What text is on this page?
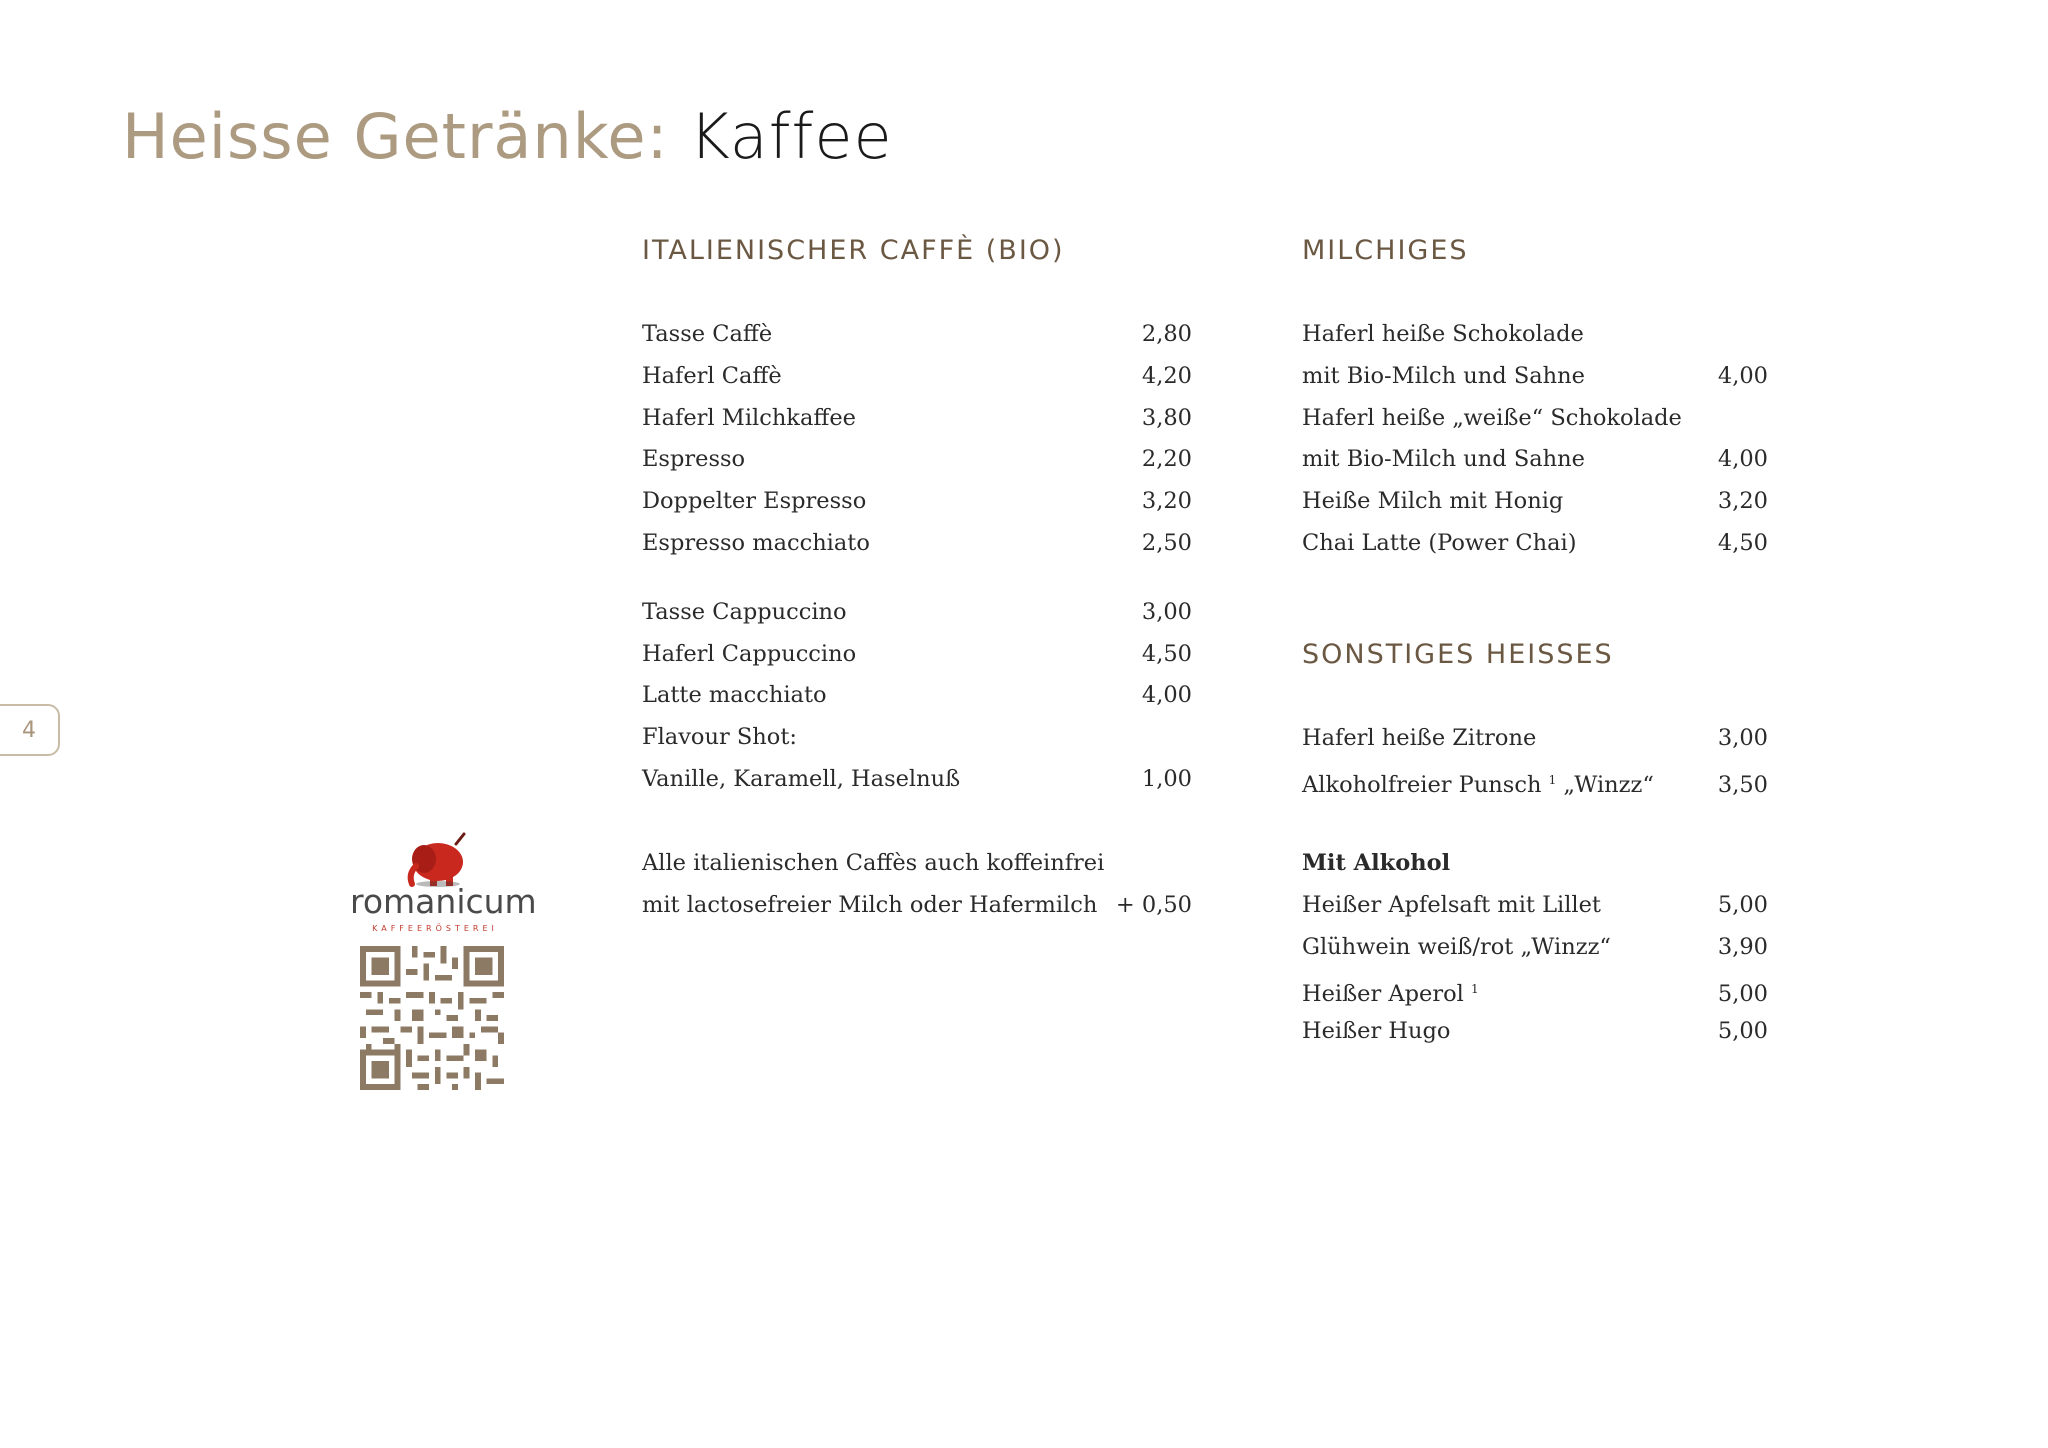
Heisse Getränke: Kaffee
4
ITALIENISCHER CAFFÈ (BIO)
Tasse Caffè	2,80
Haferl Caffè	4,20
Haferl Milchkaffee	3,80
Espresso	2,20
Doppelter Espresso	3,20
Espresso macchiato	2,50
Tasse Cappuccino	3,00
Haferl Cappuccino	4,50
Latte macchiato	4,00
Flavour Shot:
Vanille, Karamell, Haselnuß	1,00
Alle italienischen Caffès auch koffeinfrei
mit lactosefreier Milch oder Hafermilch + 0,50
MILCHIGES
Haferl heiße Schokolade
mit Bio-Milch und Sahne	4,00
Haferl heiße „weiße“ Schokolade
mit Bio-Milch und Sahne	4,00
Heiße Milch mit Honig	3,20
Chai Latte (Power Chai)	4,50
SONSTIGES HEISSES
Haferl heiße Zitrone	3,00
Alkoholfreier Punsch $^1$ „Winzz“	3,50
Mit Alkohol
Heißer Apfelsaft mit Lillet	5,00
Glühwein weiß/rot „Winzz“	3,90
Heißer Aperol $^1$	5,00
Heißer Hugo	5,00
romanicum
KAFFEERÖSTEREI
